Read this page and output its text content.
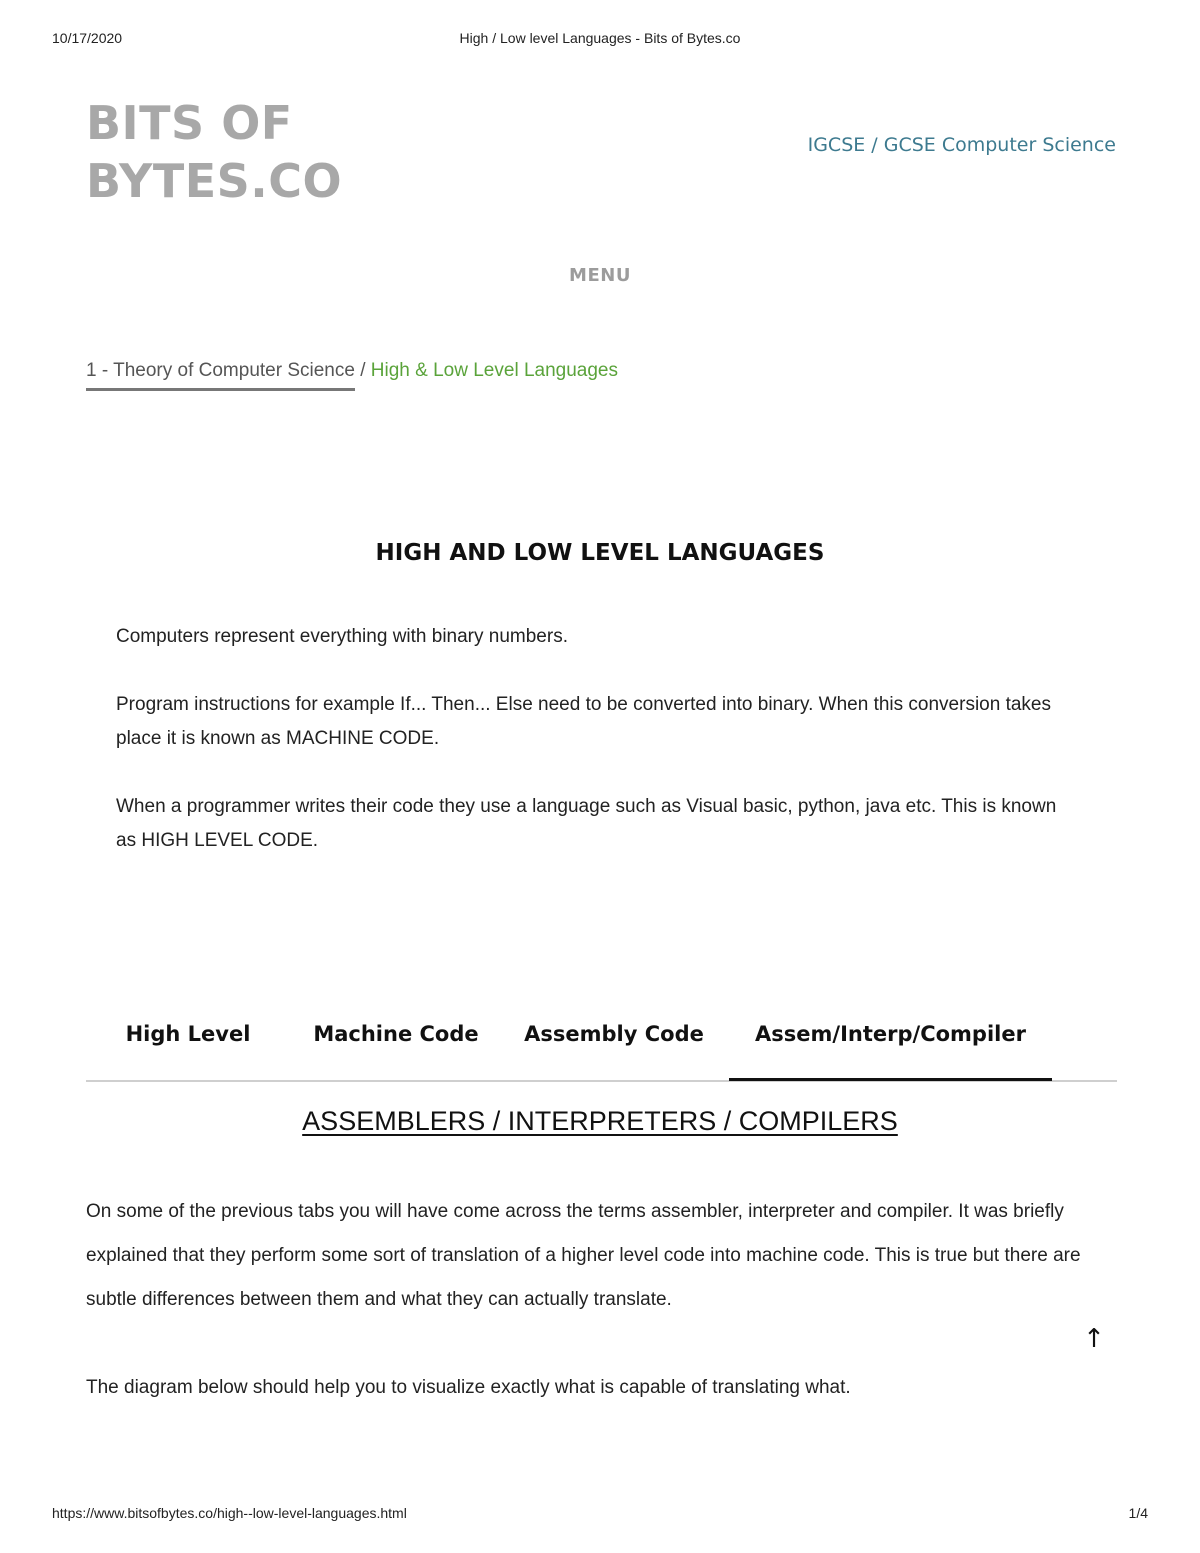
10/17/2020	High / Low level Languages - Bits of Bytes.co
BITS OF
BYTES.CO
IGCSE / GCSE Computer Science
MENU
1 - Theory of Computer Science / High & Low Level Languages
HIGH AND LOW LEVEL LANGUAGES

Computers represent everything with binary numbers.

Program instructions for example If... Then... Else need to be converted into binary. When this conversion takes place it is known as MACHINE CODE.

When a programmer writes their code they use a language such as Visual basic, python, java etc. This is known as HIGH LEVEL CODE.

High Level	Machine Code	Assembly Code	Assem/Interp/Compiler
ASSEMBLERS / INTERPRETERS / COMPILERS

On some of the previous tabs you will have come across the terms assembler, interpreter and compiler. It was briefly explained that they perform some sort of translation of a higher level code into machine code. This is true but there are subtle differences between them and what they can actually translate.

The diagram below should help you to visualize exactly what is capable of translating what.

↑
https://www.bitsofbytes.co/high--low-level-languages.html	1/4
